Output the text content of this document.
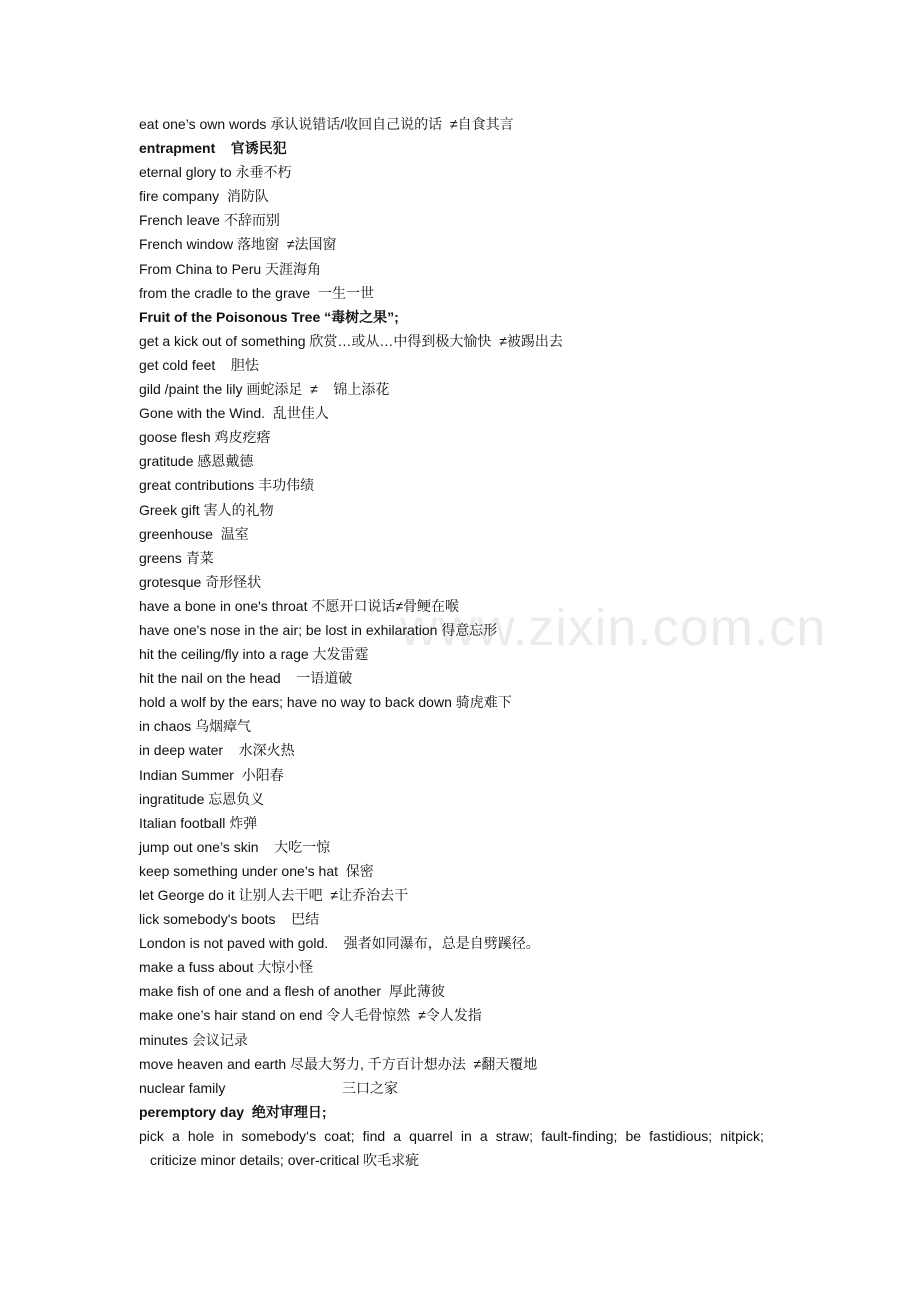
www.zixin.com.cn
eat one’s own words 承认说错话/收回自己说的话  ≠自食其言
entrapment    官诱民犯
eternal glory to 永垂不朽
fire company  消防队
French leave 不辞而别
French window 落地窗  ≠法国窗
From China to Peru 天涯海角
from the cradle to the grave  一生一世
Fruit of the Poisonous Tree “毒树之果”;
get a kick out of something 欣赏…或从…中得到极大愉快  ≠被踢出去
get cold feet    胆怯
gild /paint the lily 画蛇添足  ≠    锦上添花
Gone with the Wind.  乱世佳人
goose flesh 鸡皮疙瘩
gratitude 感恩戴德
great contributions 丰功伟绩
Greek gift 害人的礼物
greenhouse  温室
greens 青菜
grotesque 奇形怪状
have a bone in one's throat 不愿开口说话≠骨鲠在喉
have one's nose in the air; be lost in exhilaration 得意忘形
hit the ceiling/fly into a rage 大发雷霆
hit the nail on the head    一语道破
hold a wolf by the ears; have no way to back down 骑虎难下
in chaos 乌烟瘴气
in deep water    水深火热
Indian Summer  小阳春
ingratitude 忘恩负义
Italian football 炸弹
jump out one’s skin    大吃一惊
keep something under one’s hat  保密
let George do it 让别人去干吧  ≠让乔治去干
lick somebody's boots    巴结
London is not paved with gold.    强者如同瀑布，总是自劈蹊径。
make a fuss about 大惊小怪
make fish of one and a flesh of another  厚此薄彼
make one’s hair stand on end 令人毛骨惊然  ≠令人发指
minutes 会议记录
move heaven and earth 尽最大努力, 千方百计想办法  ≠翻天覆地
nuclear family                              三口之家
peremptory day  绝对审理日;
pick a hole in somebody‘s coat; find a quarrel in a straw; fault-finding; be fastidious; nitpick;
criticize minor details; over-critical 吹毛求疵
